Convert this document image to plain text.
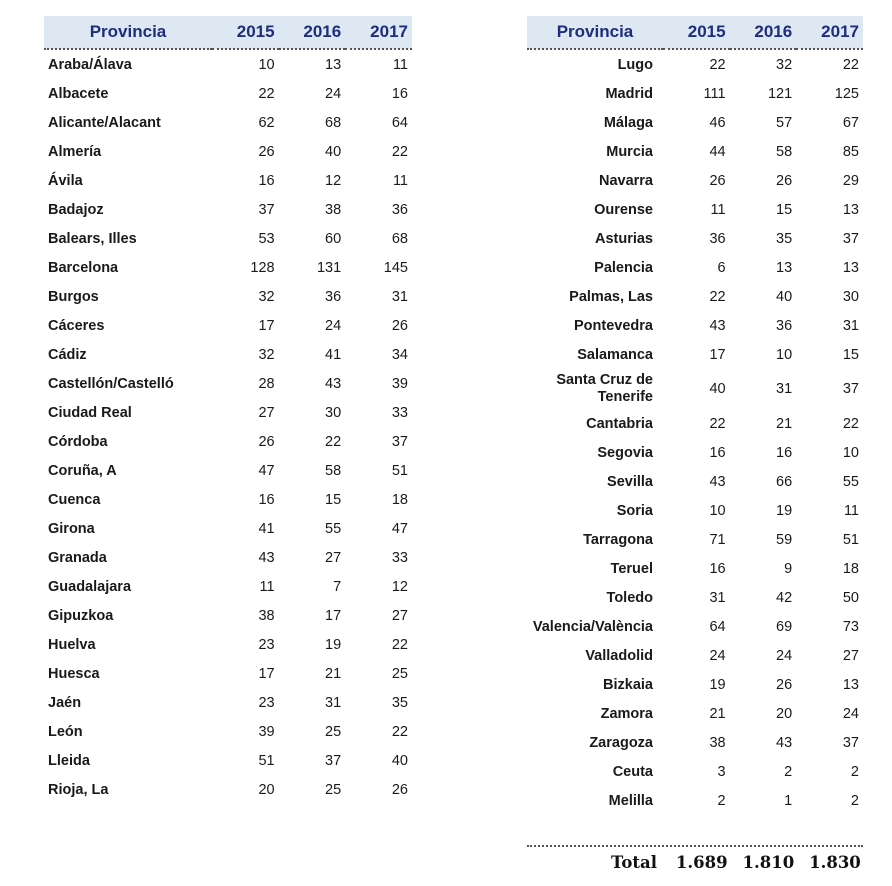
Provincia	2015	2016	2017
Araba/Álava	10	13	11
Albacete	22	24	16
Alicante/Alacant	62	68	64
Almería	26	40	22
Ávila	16	12	11
Badajoz	37	38	36
Balears, Illes	53	60	68
Barcelona	128	131	145
Burgos	32	36	31
Cáceres	17	24	26
Cádiz	32	41	34
Castellón/Castelló	28	43	39
Ciudad Real	27	30	33
Córdoba	26	22	37
Coruña, A	47	58	51
Cuenca	16	15	18
Girona	41	55	47
Granada	43	27	33
Guadalajara	11	7	12
Gipuzkoa	38	17	27
Huelva	23	19	22
Huesca	17	21	25
Jaén	23	31	35
León	39	25	22
Lleida	51	37	40
Rioja, La	20	25	26
Provincia	2015	2016	2017
Lugo	22	32	22
Madrid	111	121	125
Málaga	46	57	67
Murcia	44	58	85
Navarra	26	26	29
Ourense	11	15	13
Asturias	36	35	37
Palencia	6	13	13
Palmas, Las	22	40	30
Pontevedra	43	36	31
Salamanca	17	10	15
Santa Cruz de Tenerife	40	31	37
Cantabria	22	21	22
Segovia	16	16	10
Sevilla	43	66	55
Soria	10	19	11
Tarragona	71	59	51
Teruel	16	9	18
Toledo	31	42	50
Valencia/València	64	69	73
Valladolid	24	24	27
Bizkaia	19	26	13
Zamora	21	20	24
Zaragoza	38	43	37
Ceuta	3	2	2
Melilla	2	1	2
Total	1.689 1.810 1.830
